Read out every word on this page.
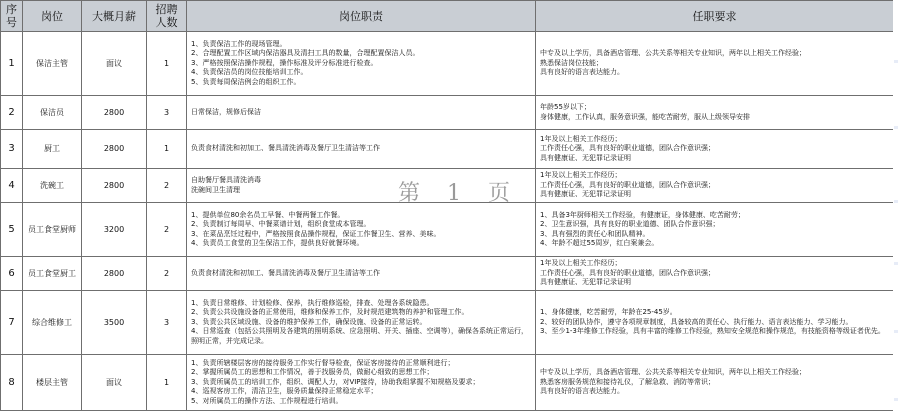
序
号	岗位	大概月薪	招聘
人数	岗位职责	任职要求
1	保洁主管	面议	1	1、负责保洁工作的现场管理。
2、合理配置工作区域内保洁器具及清扫工具的数量，合理配置保洁人员。
3、严格按照保洁操作规程，操作标准及评分标准进行检查。
4、负责保洁员的岗位技能培训工作。
5、负责每周保洁例会的组织工作。	中专及以上学历，具备酒店管理、公共关系等相关专业知识，两年以上相关工作经验；
熟悉保洁岗位技能；
具有良好的语言表达能力。
2	保洁员	2800	3	日常保洁，规修后保洁	年龄55岁以下；
身体健康，工作认真，服务意识强，能吃苦耐劳，服从上级领导安排
3	厨工	2800	1	负责食材清洗和初加工、餐具清洗消毒及餐厅卫生清洁等工作	1年及以上相关工作经历；
工作责任心强，具有良好的职业道德，团队合作意识强；
具有健康证、无犯罪记录证明
4	洗碗工	2800	2	自助餐厅餐具清洗消毒
洗碗间卫生清理	1年及以上相关工作经历；
工作责任心强，具有良好的职业道德，团队合作意识强；
具有健康证、无犯罪记录证明
5	员工食堂厨师	3200	2	1、提供单位80余名员工早餐、中餐两餐工作餐。
2、负责制订每周早、中餐菜谱计划，组织食堂成本管理。
3、在菜品烹饪过程中，严格按照食品操作规程，保证工作餐卫生、营养、美味。
4、负责员工食堂的卫生保洁工作，提供良好就餐环境。	1、具备3年厨师相关工作经验，有健康证，身体健康、吃苦耐劳；
2、卫生意识强，具有良好的职业道德、团队合作意识强；
3、具有强烈的责任心和团队精神。
4、年龄不超过55周岁，红白案兼会。
6	员工食堂厨工	2800	2	负责食材清洗和初加工、餐具清洗消毒及餐厅卫生清洁等工作	1年及以上相关工作经历；
工作责任心强，具有良好的职业道德，团队合作意识强；
具有健康证、无犯罪记录证明
7	综合维修工	3500	3	1、负责日常维修、计划检修、保养，执行维修巡检，排查、处理各系统隐患。
2、负责公共设施设备的正常使用，维修和保养工作，及时规范建筑物的养护和管理工作。
3、负责公共区域设施、设备的维护保养工作，确保设施、设备的正常运转。
4、日常巡查（包括公共照明及各建筑的照明系统、应急照明、开关、插座、空调等），确保各系统正常运行，照明正常，并完成记录。	1、身体健康，吃苦耐劳，年龄在25-45岁。
2、较好的团队协作，遵守各项规章制度，具备较高的责任心、执行能力、语言表达能力、学习能力。
3、至少1-3年维修工作经验，具有丰富的维修工作经验，熟知安全规范和操作规范，有技能资格等级证者优先。
8	楼层主管	面议	1	1、负责所辖楼层客房的接待服务工作实行督导检查，保证客房接待的正常顺利进行；
2、掌握所属员工的思想和工作情况，善于找服务员，做耐心细致的思想工作；
3、负责所属员工的培训工作，组织、调配人力，对VIP接待，协助我组掌握不知规格及要求；
4、巡视客房工作，清洁卫生，服务质量保持正常稳定水平；
5、对所属员工的操作方法、工作规程进行培训。	中专及以上学历，具备酒店管理、公共关系等相关专业知识，两年以上相关工作经验；
熟悉客房服务规范和接待礼仪，了解急救、消防等常识；
具有良好的语言表达能力。
第 1 页
